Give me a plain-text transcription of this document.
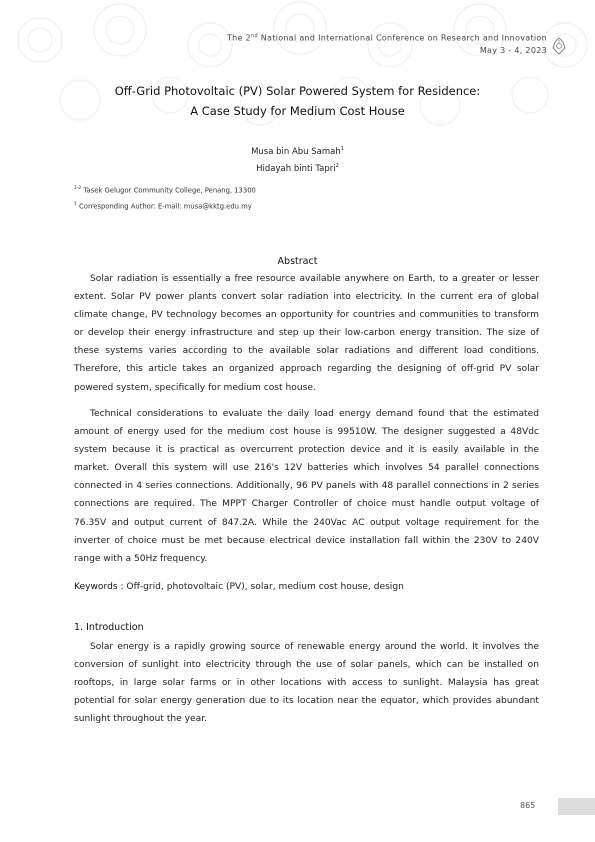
The 2nd National and International Conference on Research and Innovation
May 3 - 4, 2023
Off-Grid Photovoltaic (PV) Solar Powered System for Residence:
A Case Study for Medium Cost House
Musa bin Abu Samah$^1$
Hidayah binti Tapri$^2$
$^{1-2}$ Tasek Gelugor Community College, Penang, 13300
$^1$ Corresponding Author: E-mail: musa@kktg.edu.my
Abstract

Solar radiation is essentially a free resource available anywhere on Earth, to a greater or lesser extent. Solar PV power plants convert solar radiation into electricity. In the current era of global climate change, PV technology becomes an opportunity for countries and communities to transform or develop their energy infrastructure and step up their low-carbon energy transition. The size of these systems varies according to the available solar radiations and different load conditions. Therefore, this article takes an organized approach regarding the designing of off-grid PV solar powered system, specifically for medium cost house.

Technical considerations to evaluate the daily load energy demand found that the estimated amount of energy used for the medium cost house is 99510W. The designer suggested a 48Vdc system because it is practical as overcurrent protection device and it is easily available in the market. Overall this system will use 216's 12V batteries which involves 54 parallel connections connected in 4 series connections. Additionally, 96 PV panels with 48 parallel connections in 2 series connections are required. The MPPT Charger Controller of choice must handle output voltage of 76.35V and output current of 847.2A. While the 240Vac AC output voltage requirement for the inverter of choice must be met because electrical device installation fall within the 230V to 240V range with a 50Hz frequency.

Keywords : Off-grid, photovoltaic (PV), solar, medium cost house, design

1. Introduction

Solar energy is a rapidly growing source of renewable energy around the world. It involves the conversion of sunlight into electricity through the use of solar panels, which can be installed on rooftops, in large solar farms or in other locations with access to sunlight. Malaysia has great potential for solar energy generation due to its location near the equator, which provides abundant sunlight throughout the year.

865
